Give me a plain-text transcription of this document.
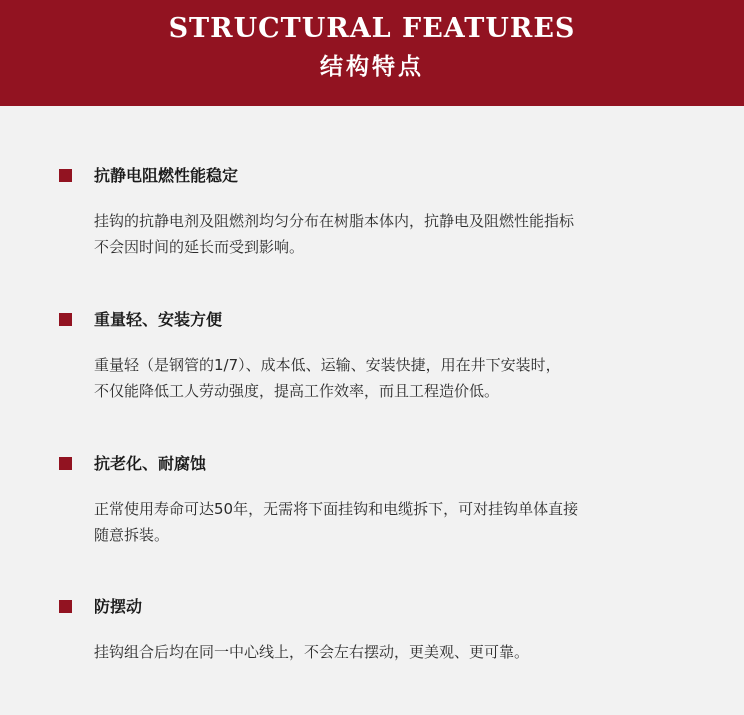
STRUCTURAL FEATURES
结构特点
抗静电阻燃性能稳定
挂钩的抗静电剂及阻燃剂均匀分布在树脂本体内，抗静电及阻燃性能指标
不会因时间的延长而受到影响。
重量轻、安装方便
重量轻（是钢管的1/7）、成本低、运输、安装快捷，用在井下安装时，
不仅能降低工人劳动强度，提高工作效率，而且工程造价低。
抗老化、耐腐蚀
正常使用寿命可达50年，无需将下面挂钩和电缆拆下，可对挂钩单体直接
随意拆装。
防摆动
挂钩组合后均在同一中心线上，不会左右摆动，更美观、更可靠。
